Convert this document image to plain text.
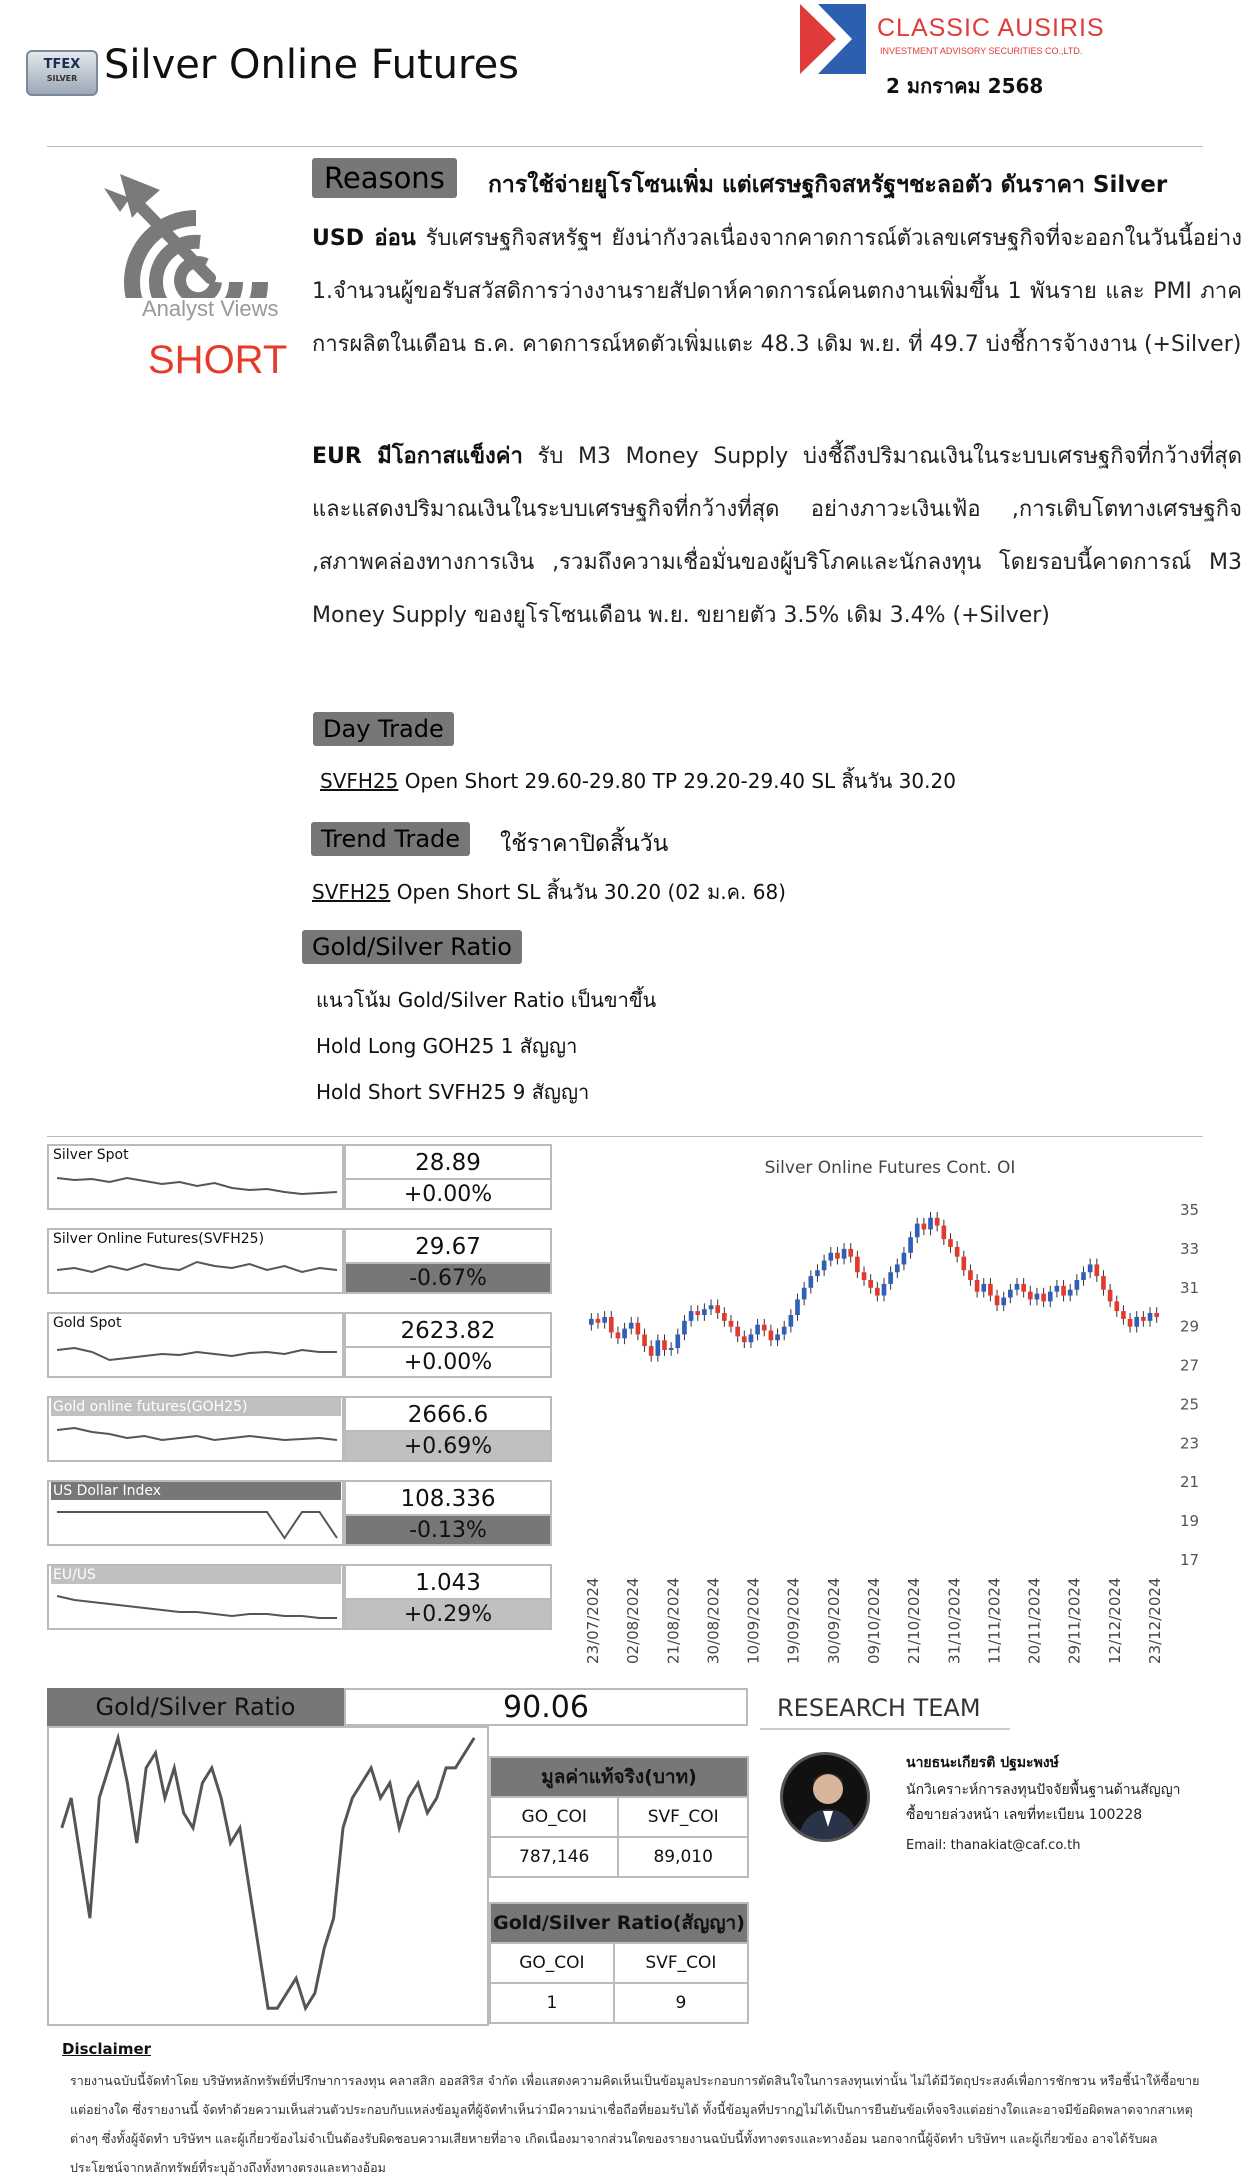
TFEX
SILVER Silver Online Futures
CLASSIC AUSIRIS
INVESTMENT ADVISORY SECURITIES CO.,LTD.
2 มกราคม 2568
Analyst Views
SHORT
Reasons	การใช้จ่ายยูโรโซนเพิ่ม แต่เศรษฐกิจสหรัฐฯชะลอตัว ดันราคา Silver
USD อ่อน รับเศรษฐกิจสหรัฐฯ ยังน่ากังวลเนื่องจากคาดการณ์ตัวเลขเศรษฐกิจที่จะออกในวันนี้อย่าง 1.จำนวนผู้ขอรับสวัสดิการว่างงานรายสัปดาห์คาดการณ์คนตกงานเพิ่มขึ้น 1 พันราย และ PMI ภาคการผลิตในเดือน ธ.ค. คาดการณ์หดตัวเพิ่มแตะ 48.3 เดิม พ.ย. ที่ 49.7 บ่งชี้การจ้างงาน (+Silver)
EUR มีโอกาสแข็งค่า รับ M3 Money Supply บ่งชี้ถึงปริมาณเงินในระบบเศรษฐกิจที่กว้างที่สุด และแสดงปริมาณเงินในระบบเศรษฐกิจที่กว้างที่สุด อย่างภาวะเงินเฟ้อ ,การเติบโตทางเศรษฐกิจ ,สภาพคล่องทางการเงิน ,รวมถึงความเชื่อมั่นของผู้บริโภคและนักลงทุน โดยรอบนี้คาดการณ์ M3 Money Supply ของยูโรโซนเดือน พ.ย. ขยายตัว 3.5% เดิม 3.4% (+Silver)
Day Trade
SVFH25 Open Short 29.60-29.80 TP 29.20-29.40 SL สิ้นวัน 30.20
Trend Trade	ใช้ราคาปิดสิ้นวัน
SVFH25 Open Short SL สิ้นวัน 30.20 (02 ม.ค. 68)
Gold/Silver Ratio
แนวโน้ม Gold/Silver Ratio เป็นขาขึ้น
Hold Long GOH25 1 สัญญา
Hold Short SVFH25 9 สัญญา
Silver Spot	28.89
+0.00%
Silver Online Futures(SVFH25)	29.67
-0.67%
Gold Spot	2623.82
+0.00%
Gold online futures(GOH25)	2666.6
+0.69%
US Dollar Index	108.336
-0.13%
EU/US	1.043
+0.29%
Silver Online Futures Cont. OI
35
33
31
29
27
25
23
21
19
17
23/07/2024 02/08/2024 21/08/2024 30/08/2024 10/09/2024 19/09/2024 30/09/2024 09/10/2024 21/10/2024 31/10/2024 11/11/2024 20/11/2024 29/11/2024 12/12/2024 23/12/2024
Gold/Silver Ratio	90.06
มูลค่าแท้จริง(บาท)	
GO_COI	SVF_COI
787,146	89,010
Gold/Silver Ratio(สัญญา)	
GO_COI	SVF_COI
1	9
RESEARCH TEAM
นายธนะเกียรติ ปฐมะพงษ์
นักวิเคราะห์การลงทุนปัจจัยพื้นฐานด้านสัญญา
ซื้อขายล่วงหน้า เลขที่ทะเบียน 100228
Email: thanakiat@caf.co.th
Disclaimer
รายงานฉบับนี้จัดทำโดย บริษัทหลักทรัพย์ที่ปรึกษาการลงทุน คลาสสิก ออสสิริส จำกัด เพื่อแสดงความคิดเห็นเป็นข้อมูลประกอบการตัดสินใจในการลงทุนเท่านั้น ไม่ได้มีวัตถุประสงค์เพื่อการชักชวน หรือชี้นำให้ซื้อขายแต่อย่างใด ซึ่งรายงานนี้ จัดทำด้วยความเห็นส่วนตัวประกอบกับแหล่งข้อมูลที่ผู้จัดทำเห็นว่ามีความน่าเชื่อถือที่ยอมรับได้ ทั้งนี้ข้อมูลที่ปรากฏไม่ได้เป็นการยืนยันข้อเท็จจริงแต่อย่างใดและอาจมีข้อผิดพลาดจากสาเหตุต่างๆ ซึ่งทั้งผู้จัดทำ บริษัทฯ และผู้เกี่ยวข้องไม่จำเป็นต้องรับผิดชอบความเสียหายที่อาจ เกิดเนื่องมาจากส่วนใดของรายงานฉบับนี้ทั้งทางตรงและทางอ้อม นอกจากนี้ผู้จัดทำ บริษัทฯ และผู้เกี่ยวข้อง อาจได้รับผลประโยชน์จากหลักทรัพย์ที่ระบุอ้างถึงทั้งทางตรงและทางอ้อม
